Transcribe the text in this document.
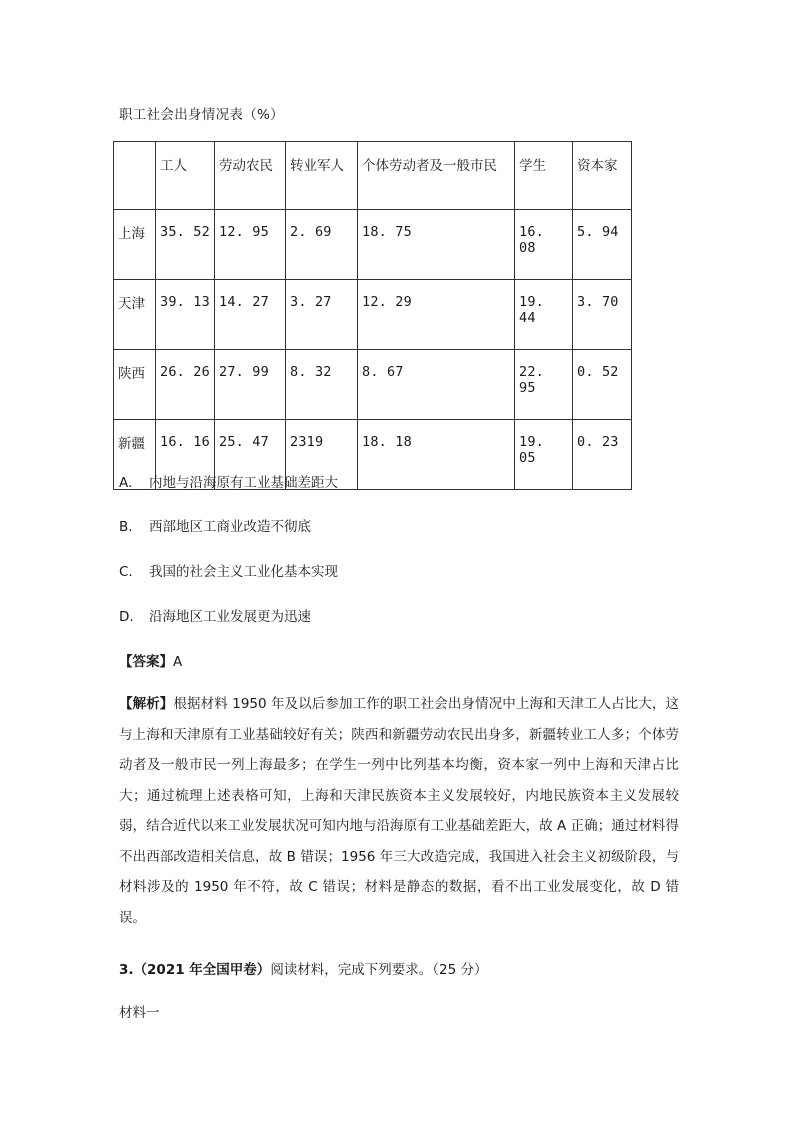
职工社会出身情况表（%）
	工人	劳动农民	转业军人	个体劳动者及一般市民	学生	资本家
上海	35. 52	12. 95	2. 69	18. 75	16. 08	5. 94
天津	39. 13	14. 27	3. 27	12. 29	19. 44	3. 70
陕西	26. 26	27. 99	8. 32	8. 67	22. 95	0. 52
新疆	16. 16	25. 47	2319	18. 18	19. 05	0. 23
A. 内地与沿海原有工业基础差距大
B. 西部地区工商业改造不彻底
C. 我国的社会主义工业化基本实现
D. 沿海地区工业发展更为迅速
【答案】A
【解析】根据材料 1950 年及以后参加工作的职工社会出身情况中上海和天津工人占比大，这与上海和天津原有工业基础较好有关；陕西和新疆劳动农民出身多，新疆转业工人多；个体劳动者及一般市民一列上海最多；在学生一列中比列基本均衡，资本家一列中上海和天津占比大；通过梳理上述表格可知，上海和天津民族资本主义发展较好，内地民族资本主义发展较弱，结合近代以来工业发展状况可知内地与沿海原有工业基础差距大，故 A 正确；通过材料得不出西部改造相关信息，故 B 错误；1956 年三大改造完成，我国进入社会主义初级阶段，与材料涉及的 1950 年不符，故 C 错误；材料是静态的数据，看不出工业发展变化，故 D 错误。
3.（2021 年全国甲卷）阅读材料，完成下列要求。（25 分）
材料一
